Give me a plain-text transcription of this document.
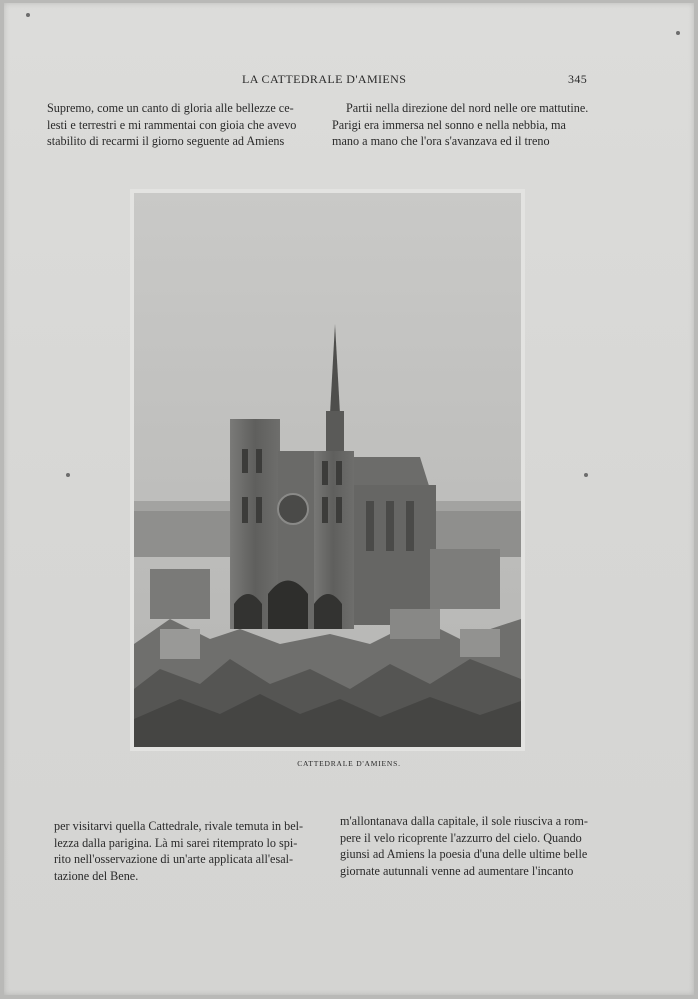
LA CATTEDRALE D'AMIENS	345

Supremo, come un canto di gloria alle bellezze ce-

lesti e terrestri e mi rammentai con gioia che avevo

stabilito di recarmi il giorno seguente ad Amiens

Partii nella direzione del nord nelle ore mattutine.

Parigi era immersa nel sonno e nella nebbia, ma

mano a mano che l'ora s'avanzava ed il treno

CATTEDRALE D'AMIENS.

per visitarvi quella Cattedrale, rivale temuta in bel-

lezza dalla parigina. Là mi sarei ritemprato lo spi-

rito nell'osservazione di un'arte applicata all'esal-

tazione del Bene.

m'allontanava dalla capitale, il sole riusciva a rom-

pere il velo ricoprente l'azzurro del cielo. Quando

giunsi ad Amiens la poesia d'una delle ultime belle

giornate autunnali venne ad aumentare l'incanto
